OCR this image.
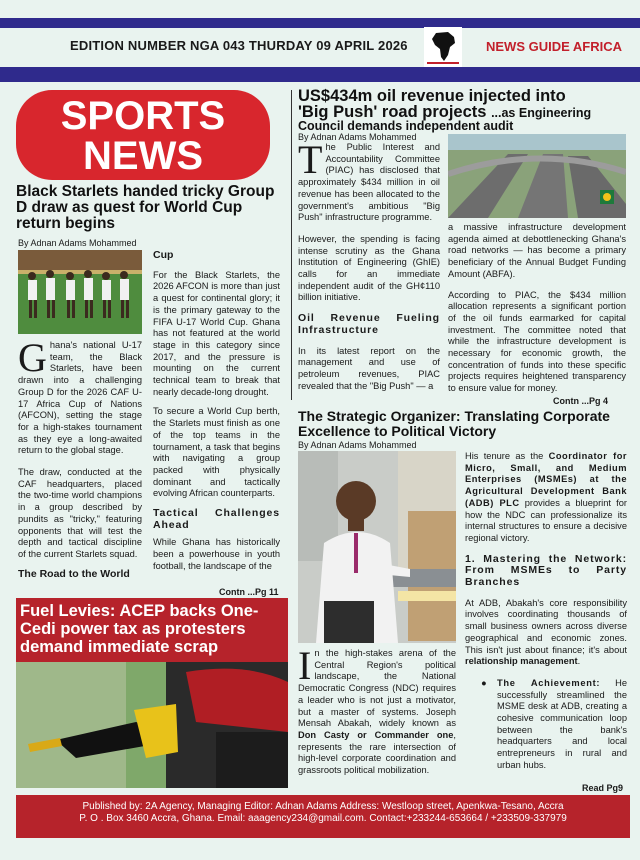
EDITION NUMBER NGA 043 THURDAY 09 APRIL 2026	NEWS GUIDE AFRICA
SPORTS
NEWS
Black Starlets handed tricky Group D draw as quest for World Cup return begins
By Adnan Adams Mohammed
Ghana's national U-17 team, the Black Starlets, have been drawn into a challenging Group D for the 2026 CAF U-17 Africa Cup of Nations (AFCON), setting the stage for a high-stakes tournament as they eye a long-awaited return to the global stage.
The draw, conducted at the CAF headquarters, placed the two-time world champions in a group described by pundits as "tricky," featuring opponents that will test the depth and tactical discipline of the current Starlets squad.
The Road to the World
Cup
For the Black Starlets, the 2026 AFCON is more than just a quest for continental glory; it is the primary gateway to the FIFA U-17 World Cup. Ghana has not featured at the world stage in this category since 2017, and the pressure is mounting on the current technical team to break that nearly decade-long drought.
To secure a World Cup berth, the Starlets must finish as one of the top teams in the tournament, a task that begins with navigating a group packed with physically dominant and tactically evolving African counterparts.
Tactical Challenges Ahead
While Ghana has historically been a powerhouse in youth football, the landscape of the
Contn ...Pg 11
US$434m oil revenue injected into
'Big Push' road projects ...as Engineering
Council demands independent audit
By Adnan Adams Mohammed
The Public Interest and Accountability Committee (PIAC) has disclosed that approximately $434 million in oil revenue has been allocated to the government's ambitious "Big Push" infrastructure programme.
However, the spending is facing intense scrutiny as the Ghana Institution of Engineering (GhIE) calls for an immediate independent audit of the GH¢110 billion initiative.
Oil Revenue Fueling Infrastructure
In its latest report on the management and use of petroleum revenues, PIAC revealed that the "Big Push" — a
a massive infrastructure development agenda aimed at debottlenecking Ghana's road networks — has become a primary beneficiary of the Annual Budget Funding Amount (ABFA).
According to PIAC, the $434 million allocation represents a significant portion of the oil funds earmarked for capital investment. The committee noted that while the infrastructure development is necessary for economic growth, the concentration of funds into these specific projects requires heightened transparency to ensure value for money.
Contn ...Pg 4
The Strategic Organizer: Translating Corporate Excellence to Political Victory
By Adnan Adams Mohammed
His tenure as the Coordinator for Micro, Small, and Medium Enterprises (MSMEs) at the Agricultural Development Bank (ADB) PLC provides a blueprint for how the NDC can professionalize its internal structures to ensure a decisive regional victory.
1. Mastering the Network: From MSMEs to Party Branches
At ADB, Abakah's core responsibility involves coordinating thousands of small business owners across diverse geographical and economic zones. This isn't just about finance; it's about relationship management.
●	The Achievement: He successfully streamlined the MSME desk at ADB, creating a cohesive communication loop between the bank's headquarters and local entrepreneurs in rural and urban hubs.
In the high-stakes arena of the Central Region's political landscape, the National Democratic Congress (NDC) requires a leader who is not just a motivator, but a master of systems. Joseph Mensah Abakah, widely known as Don Casty or Commander one, represents the rare intersection of high-level corporate coordination and grassroots political mobilization.
Read Pg9
Fuel Levies: ACEP backs One-Cedi power tax as protesters demand immediate scrap
Published by: 2A Agency, Managing Editor: Adnan Adams Address: Westloop street, Apenkwa-Tesano, Accra
P. O . Box 3460 Accra, Ghana. Email: aaagency234@gmail.com. Contact:+233244-653664 / +233509-337979
